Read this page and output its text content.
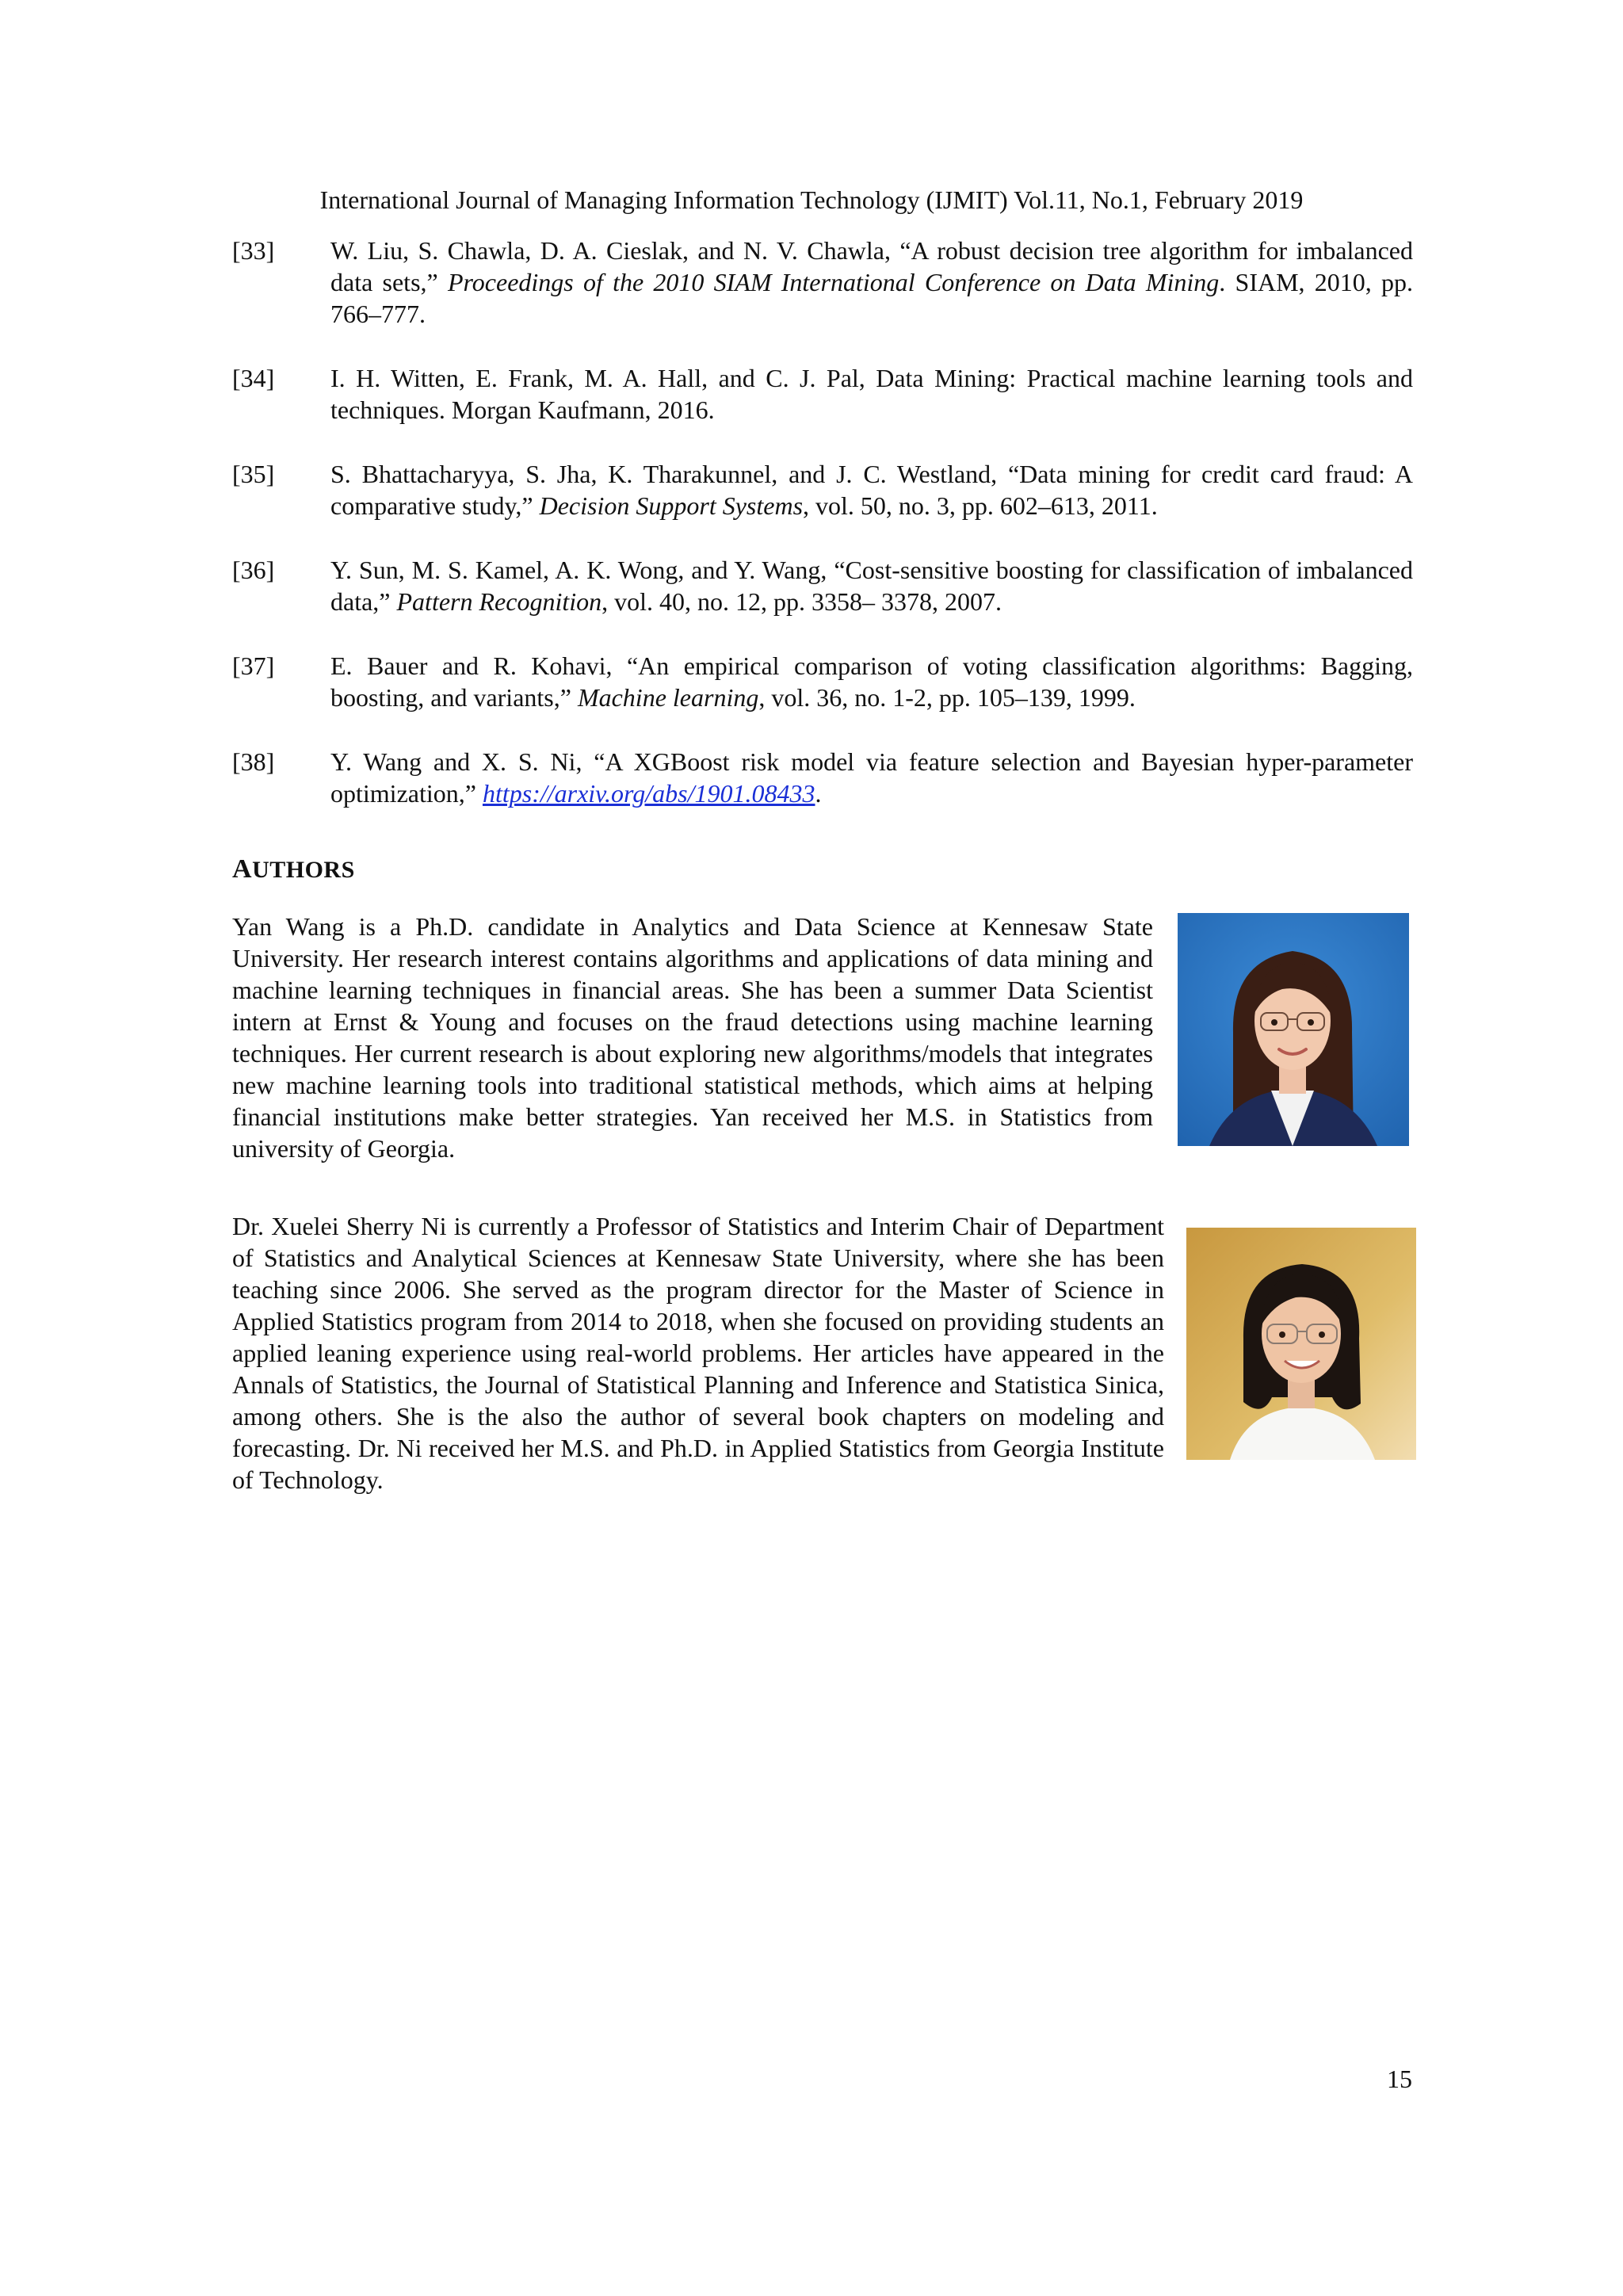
International Journal of Managing Information Technology (IJMIT) Vol.11, No.1, February 2019
[33]	W. Liu, S. Chawla, D. A. Cieslak, and N. V. Chawla, “A robust decision tree algorithm for imbalanced data sets,” Proceedings of the 2010 SIAM International Conference on Data Mining. SIAM, 2010, pp. 766–777.
[34]	I. H. Witten, E. Frank, M. A. Hall, and C. J. Pal, Data Mining: Practical machine learning tools and techniques. Morgan Kaufmann, 2016.
[35]	S. Bhattacharyya, S. Jha, K. Tharakunnel, and J. C. Westland, “Data mining for credit card fraud: A comparative study,” Decision Support Systems, vol. 50, no. 3, pp. 602–613, 2011.
[36]	Y. Sun, M. S. Kamel, A. K. Wong, and Y. Wang, “Cost-sensitive boosting for classification of imbalanced data,” Pattern Recognition, vol. 40, no. 12, pp. 3358– 3378, 2007.
[37]	E. Bauer and R. Kohavi, “An empirical comparison of voting classification algorithms: Bagging, boosting, and variants,” Machine learning, vol. 36, no. 1-2, pp. 105–139, 1999.
[38]	Y. Wang and X. S. Ni, “A XGBoost risk model via feature selection and Bayesian hyper-parameter optimization,” https://arxiv.org/abs/1901.08433.
AUTHORS
Yan Wang is a Ph.D. candidate in Analytics and Data Science at Kennesaw State University. Her research interest contains algorithms and applications of data mining and machine learning techniques in financial areas. She has been a summer Data Scientist intern at Ernst & Young and focuses on the fraud detections using machine learning techniques. Her current research is about exploring new algorithms/models that integrates new machine learning tools into traditional statistical methods, which aims at helping financial institutions make better strategies. Yan received her M.S. in Statistics from university of Georgia.
Dr. Xuelei Sherry Ni is currently a Professor of Statistics and Interim Chair of Department of Statistics and Analytical Sciences at Kennesaw State University, where she has been teaching since 2006. She served as the program director for the Master of Science in Applied Statistics program from 2014 to 2018, when she focused on providing students an applied leaning experience using real-world problems. Her articles have appeared in the Annals of Statistics, the Journal of Statistical Planning and Inference and Statistica Sinica, among others. She is the also the author of several book chapters on modeling and forecasting. Dr. Ni received her M.S. and Ph.D. in Applied Statistics from Georgia Institute of Technology.
15
